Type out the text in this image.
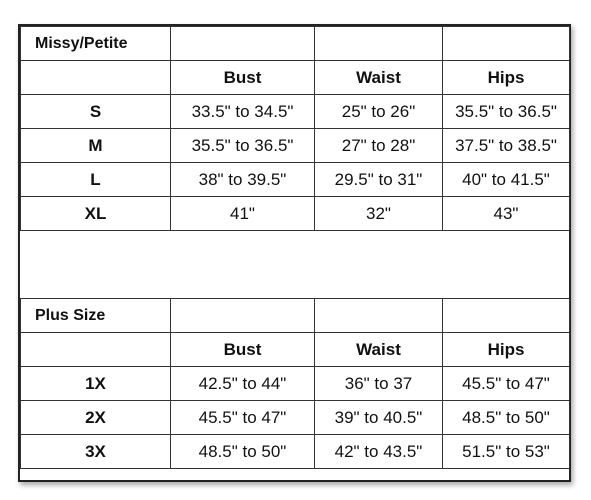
Missy/Petite			
	Bust	Waist	Hips
S	33.5" to 34.5"	25" to 26"	35.5" to 36.5"
M	35.5" to 36.5"	27" to 28"	37.5" to 38.5"
L	38" to 39.5"	29.5" to 31"	40" to 41.5"
XL	41"	32"	43"

Plus Size			
	Bust	Waist	Hips
1X	42.5" to 44"	36" to 37	45.5" to 47"
2X	45.5" to 47"	39" to 40.5"	48.5" to 50"
3X	48.5" to 50"	42" to 43.5"	51.5" to 53"
